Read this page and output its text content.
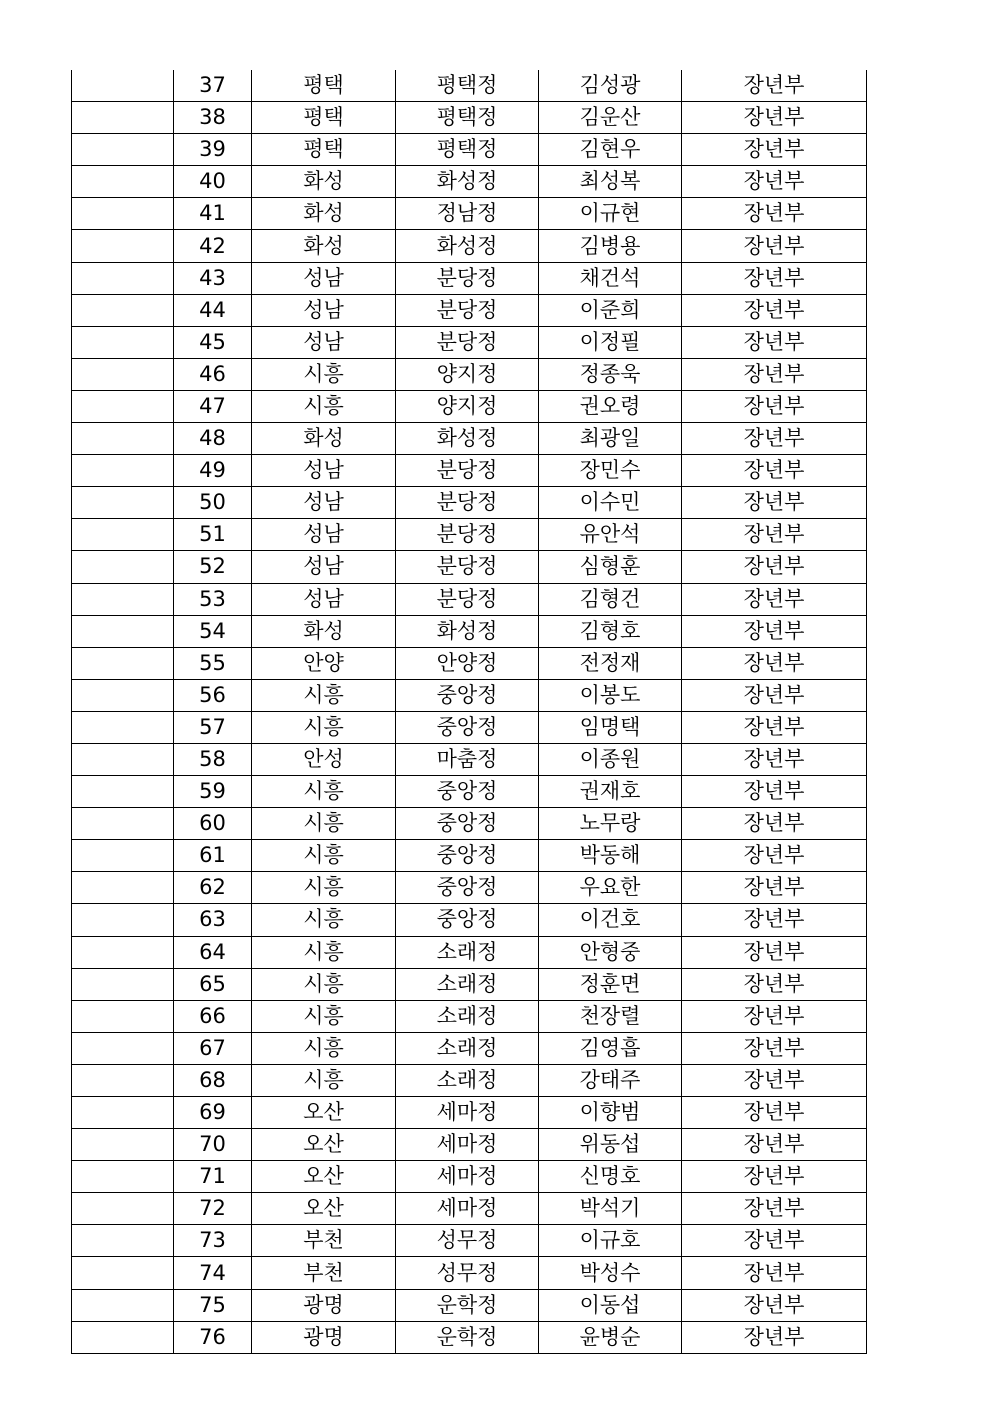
	37	평택	평택정	김성광	장년부
	38	평택	평택정	김운산	장년부
	39	평택	평택정	김현우	장년부
	40	화성	화성정	최성복	장년부
	41	화성	정남정	이규현	장년부
	42	화성	화성정	김병용	장년부
	43	성남	분당정	채건석	장년부
	44	성남	분당정	이준희	장년부
	45	성남	분당정	이정필	장년부
	46	시흥	양지정	정종욱	장년부
	47	시흥	양지정	권오령	장년부
	48	화성	화성정	최광일	장년부
	49	성남	분당정	장민수	장년부
	50	성남	분당정	이수민	장년부
	51	성남	분당정	유안석	장년부
	52	성남	분당정	심형훈	장년부
	53	성남	분당정	김형건	장년부
	54	화성	화성정	김형호	장년부
	55	안양	안양정	전정재	장년부
	56	시흥	중앙정	이봉도	장년부
	57	시흥	중앙정	임명택	장년부
	58	안성	마춤정	이종원	장년부
	59	시흥	중앙정	권재호	장년부
	60	시흥	중앙정	노무랑	장년부
	61	시흥	중앙정	박동해	장년부
	62	시흥	중앙정	우요한	장년부
	63	시흥	중앙정	이건호	장년부
	64	시흥	소래정	안형중	장년부
	65	시흥	소래정	정훈면	장년부
	66	시흥	소래정	천장렬	장년부
	67	시흥	소래정	김영흡	장년부
	68	시흥	소래정	강태주	장년부
	69	오산	세마정	이향범	장년부
	70	오산	세마정	위동섭	장년부
	71	오산	세마정	신명호	장년부
	72	오산	세마정	박석기	장년부
	73	부천	성무정	이규호	장년부
	74	부천	성무정	박성수	장년부
	75	광명	운학정	이동섭	장년부
	76	광명	운학정	윤병순	장년부
